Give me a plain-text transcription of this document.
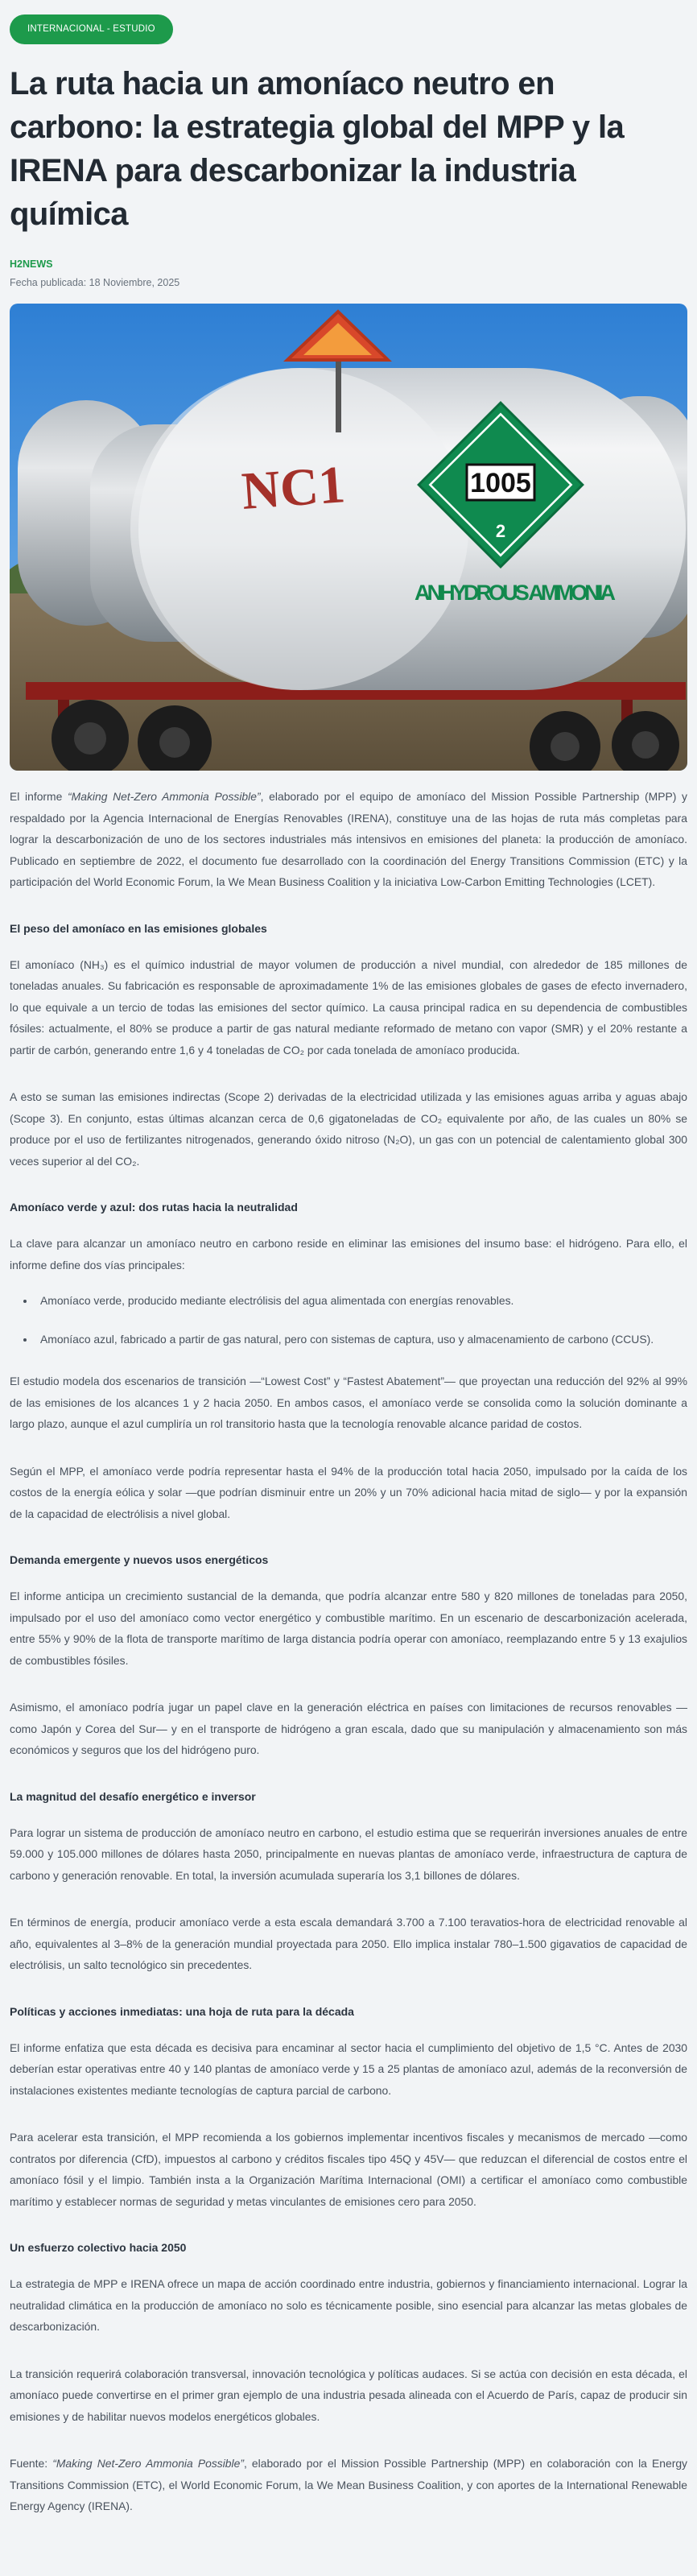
INTERNACIONAL - ESTUDIO
La ruta hacia un amoníaco neutro en carbono: la estrategia global del MPP y la IRENA para descarbonizar la industria química
H2NEWS
Fecha publicada: 18 Noviembre, 2025
NC1	1005
2
ANHYDROUS AMMONIA

El informe “Making Net-Zero Ammonia Possible”, elaborado por el equipo de amoníaco del Mission Possible Partnership (MPP) y respaldado por la Agencia Internacional de Energías Renovables (IRENA), constituye una de las hojas de ruta más completas para lograr la descarbonización de uno de los sectores industriales más intensivos en emisiones del planeta: la producción de amoníaco. Publicado en septiembre de 2022, el documento fue desarrollado con la coordinación del Energy Transitions Commission (ETC) y la participación del World Economic Forum, la We Mean Business Coalition y la iniciativa Low-Carbon Emitting Technologies (LCET).

El peso del amoníaco en las emisiones globales

El amoníaco (NH₃) es el químico industrial de mayor volumen de producción a nivel mundial, con alrededor de 185 millones de toneladas anuales. Su fabricación es responsable de aproximadamente 1% de las emisiones globales de gases de efecto invernadero, lo que equivale a un tercio de todas las emisiones del sector químico. La causa principal radica en su dependencia de combustibles fósiles: actualmente, el 80% se produce a partir de gas natural mediante reformado de metano con vapor (SMR) y el 20% restante a partir de carbón, generando entre 1,6 y 4 toneladas de CO₂ por cada tonelada de amoníaco producida.

A esto se suman las emisiones indirectas (Scope 2) derivadas de la electricidad utilizada y las emisiones aguas arriba y aguas abajo (Scope 3). En conjunto, estas últimas alcanzan cerca de 0,6 gigatoneladas de CO₂ equivalente por año, de las cuales un 80% se produce por el uso de fertilizantes nitrogenados, generando óxido nitroso (N₂O), un gas con un potencial de calentamiento global 300 veces superior al del CO₂.

Amoníaco verde y azul: dos rutas hacia la neutralidad

La clave para alcanzar un amoníaco neutro en carbono reside en eliminar las emisiones del insumo base: el hidrógeno. Para ello, el informe define dos vías principales:

• Amoníaco verde, producido mediante electrólisis del agua alimentada con energías renovables.
• Amoníaco azul, fabricado a partir de gas natural, pero con sistemas de captura, uso y almacenamiento de carbono (CCUS).

El estudio modela dos escenarios de transición —“Lowest Cost” y “Fastest Abatement”— que proyectan una reducción del 92% al 99% de las emisiones de los alcances 1 y 2 hacia 2050. En ambos casos, el amoníaco verde se consolida como la solución dominante a largo plazo, aunque el azul cumpliría un rol transitorio hasta que la tecnología renovable alcance paridad de costos.

Según el MPP, el amoníaco verde podría representar hasta el 94% de la producción total hacia 2050, impulsado por la caída de los costos de la energía eólica y solar —que podrían disminuir entre un 20% y un 70% adicional hacia mitad de siglo— y por la expansión de la capacidad de electrólisis a nivel global.

Demanda emergente y nuevos usos energéticos

El informe anticipa un crecimiento sustancial de la demanda, que podría alcanzar entre 580 y 820 millones de toneladas para 2050, impulsado por el uso del amoníaco como vector energético y combustible marítimo. En un escenario de descarbonización acelerada, entre 55% y 90% de la flota de transporte marítimo de larga distancia podría operar con amoníaco, reemplazando entre 5 y 13 exajulios de combustibles fósiles.

Asimismo, el amoníaco podría jugar un papel clave en la generación eléctrica en países con limitaciones de recursos renovables —como Japón y Corea del Sur— y en el transporte de hidrógeno a gran escala, dado que su manipulación y almacenamiento son más económicos y seguros que los del hidrógeno puro.

La magnitud del desafío energético e inversor

Para lograr un sistema de producción de amoníaco neutro en carbono, el estudio estima que se requerirán inversiones anuales de entre 59.000 y 105.000 millones de dólares hasta 2050, principalmente en nuevas plantas de amoníaco verde, infraestructura de captura de carbono y generación renovable. En total, la inversión acumulada superaría los 3,1 billones de dólares.

En términos de energía, producir amoníaco verde a esta escala demandará 3.700 a 7.100 teravatios-hora de electricidad renovable al año, equivalentes al 3–8% de la generación mundial proyectada para 2050. Ello implica instalar 780–1.500 gigavatios de capacidad de electrólisis, un salto tecnológico sin precedentes.

Políticas y acciones inmediatas: una hoja de ruta para la década

El informe enfatiza que esta década es decisiva para encaminar al sector hacia el cumplimiento del objetivo de 1,5 °C. Antes de 2030 deberían estar operativas entre 40 y 140 plantas de amoníaco verde y 15 a 25 plantas de amoníaco azul, además de la reconversión de instalaciones existentes mediante tecnologías de captura parcial de carbono.

Para acelerar esta transición, el MPP recomienda a los gobiernos implementar incentivos fiscales y mecanismos de mercado —como contratos por diferencia (CfD), impuestos al carbono y créditos fiscales tipo 45Q y 45V— que reduzcan el diferencial de costos entre el amoníaco fósil y el limpio. También insta a la Organización Marítima Internacional (OMI) a certificar el amoníaco como combustible marítimo y establecer normas de seguridad y metas vinculantes de emisiones cero para 2050.

Un esfuerzo colectivo hacia 2050

La estrategia de MPP e IRENA ofrece un mapa de acción coordinado entre industria, gobiernos y financiamiento internacional. Lograr la neutralidad climática en la producción de amoníaco no solo es técnicamente posible, sino esencial para alcanzar las metas globales de descarbonización.

La transición requerirá colaboración transversal, innovación tecnológica y políticas audaces. Si se actúa con decisión en esta década, el amoníaco puede convertirse en el primer gran ejemplo de una industria pesada alineada con el Acuerdo de París, capaz de producir sin emisiones y de habilitar nuevos modelos energéticos globales.

Fuente: “Making Net-Zero Ammonia Possible”, elaborado por el Mission Possible Partnership (MPP) en colaboración con la Energy Transitions Commission (ETC), el World Economic Forum, la We Mean Business Coalition, y con aportes de la International Renewable Energy Agency (IRENA).
